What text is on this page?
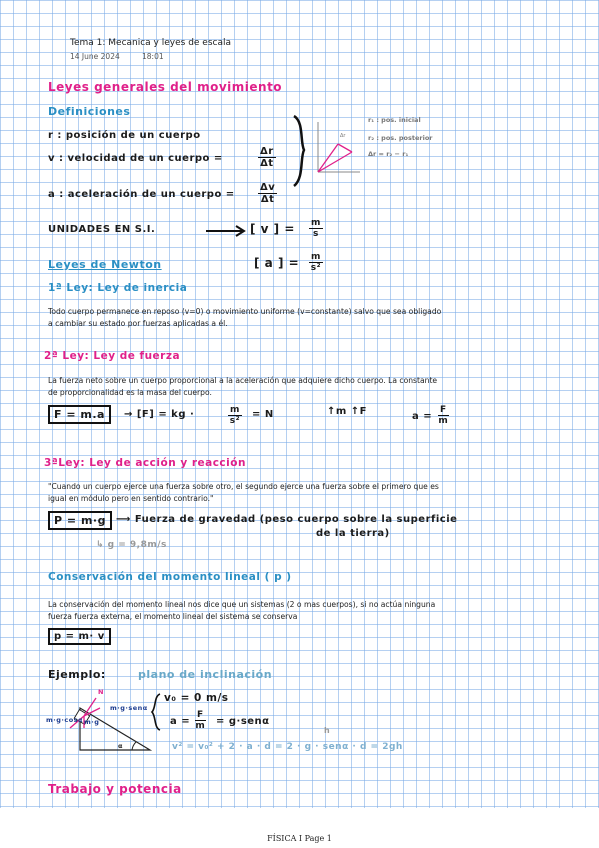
Tema 1: Mecanica y leyes de escala
14 June 2024	18:01
Leyes generales del movimiento
Definiciones
r : posición de un cuerpo
v : velocidad de un cuerpo =	$\frac{\Delta r}{\Delta t}$
a : aceleración de un cuerpo = $\frac{\Delta v}{\Delta t}$
Δr
r₁ : pos. inicial
r₂ : pos. posterior
Δr = r₂ − r₁
UNIDADES EN S.I.	[ v ] = $\frac{m}{s}$
Leyes de Newton	[ a ] = $\frac{m}{\text{s²}}$
1ª Ley: Ley de inercia
Todo cuerpo permanece en reposo (v=0) o movimiento uniforme (v=constante) salvo que sea obligado
a cambiar su estado por fuerzas aplicadas a él.
2ª Ley: Ley de fuerza
La fuerza neto sobre un cuerpo proporcional a la aceleración que adquiere dicho cuerpo. La constante
de proporcionalidad es la masa del cuerpo.
F = m.a	→ [F] = kg ·	$\frac{m}{\text{s²}} = N$	↑m ↑F	$a = \frac{F}{m}$
3ªLey: Ley de acción y reacción
"Cuando un cuerpo ejerce una fuerza sobre otro, el segundo ejerce una fuerza sobre el primero que es
igual en módulo pero en sentido contrario."
P = m·g	⟶ Fuerza de gravedad (peso cuerpo sobre la superficie
de la tierra)
↳ g = 9,8m/s
Conservación del momento lineal ( p )
La conservación del momento lineal nos dice que un sistemas (2 o mas cuerpos), si no actúa ninguna
fuerza fuerza externa, el momento lineal del sistema se conserva
p = m· v
Ejemplo:	plano de inclinación
N
m·g·senα
m·g·cosα m·g
α
v₀ = 0 m/s
$a = \frac{F}{m} = g\cdot sen\alpha$
h
v² = v₀² + 2 · a · d = 2 · g · senα · d = 2gh
Trabajo y potencia
FÍSICA I Page 1
